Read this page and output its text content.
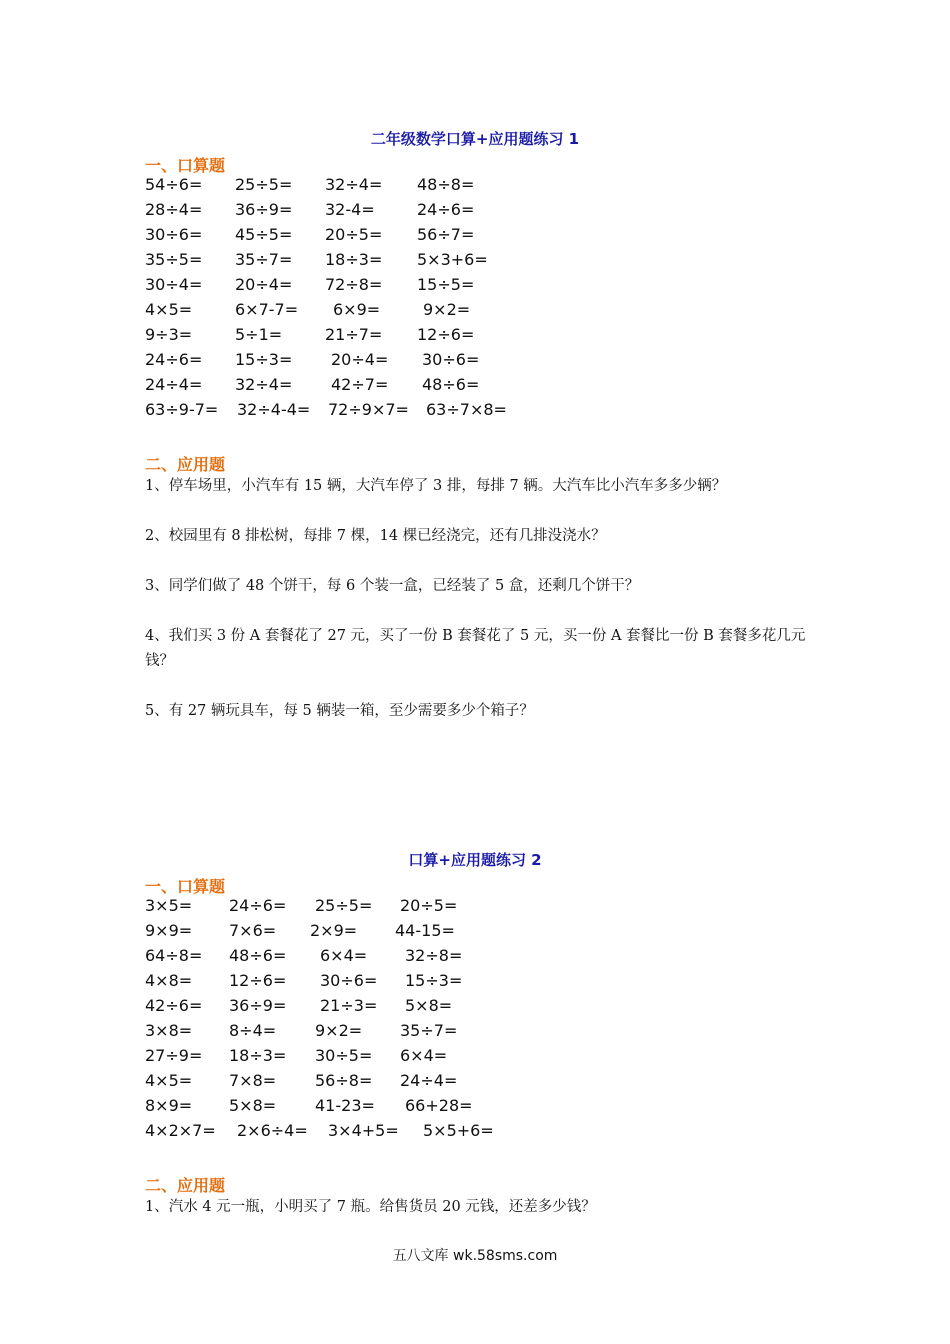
二年级数学口算+应用题练习 1
一、口算题
54÷6= 25÷5= 32÷4= 48÷8=
28÷4= 36÷9= 32-4=	24÷6=
30÷6= 45÷5= 20÷5= 56÷7=
35÷5= 35÷7= 18÷3= 5×3+6=
30÷4= 20÷4= 72÷8= 15÷5=
4×5=	6×7-7= 6×9=	9×2=
9÷3=	5÷1=	21÷7= 12÷6=
24÷6= 15÷3= 20÷4= 30÷6=
24÷4= 32÷4= 42÷7= 48÷6=
63÷9-7= 32÷4-4= 72÷9×7= 63÷7×8=
二、应用题
1、停车场里，小汽车有 15 辆，大汽车停了 3 排，每排 7 辆。大汽车比小汽车多多少辆？
2、校园里有 8 排松树，每排 7 棵，14 棵已经浇完，还有几排没浇水？
3、同学们做了 48 个饼干，每 6 个装一盒，已经装了 5 盒，还剩几个饼干？
4、我们买 3 份 A 套餐花了 27 元，买了一份 B 套餐花了 5 元，买一份 A 套餐比一份 B 套餐多花几元钱？
5、有 27 辆玩具车，每 5 辆装一箱，至少需要多少个箱子？
口算+应用题练习 2
一、口算题
3×5= 24÷6= 25÷5= 20÷5=
9×9= 7×6= 2×9= 44-15=
64÷8= 48÷6= 6×4= 32÷8=
4×8= 12÷6= 30÷6= 15÷3=
42÷6= 36÷9= 21÷3= 5×8=
3×8= 8÷4= 9×2= 35÷7=
27÷9= 18÷3= 30÷5= 6×4=
4×5= 7×8= 56÷8= 24÷4=
8×9= 5×8= 41-23= 66+28=
4×2×7= 2×6÷4= 3×4+5= 5×5+6=
二、应用题
1、汽水 4 元一瓶，小明买了 7 瓶。给售货员 20 元钱，还差多少钱？
五八文库 wk.58sms.com
